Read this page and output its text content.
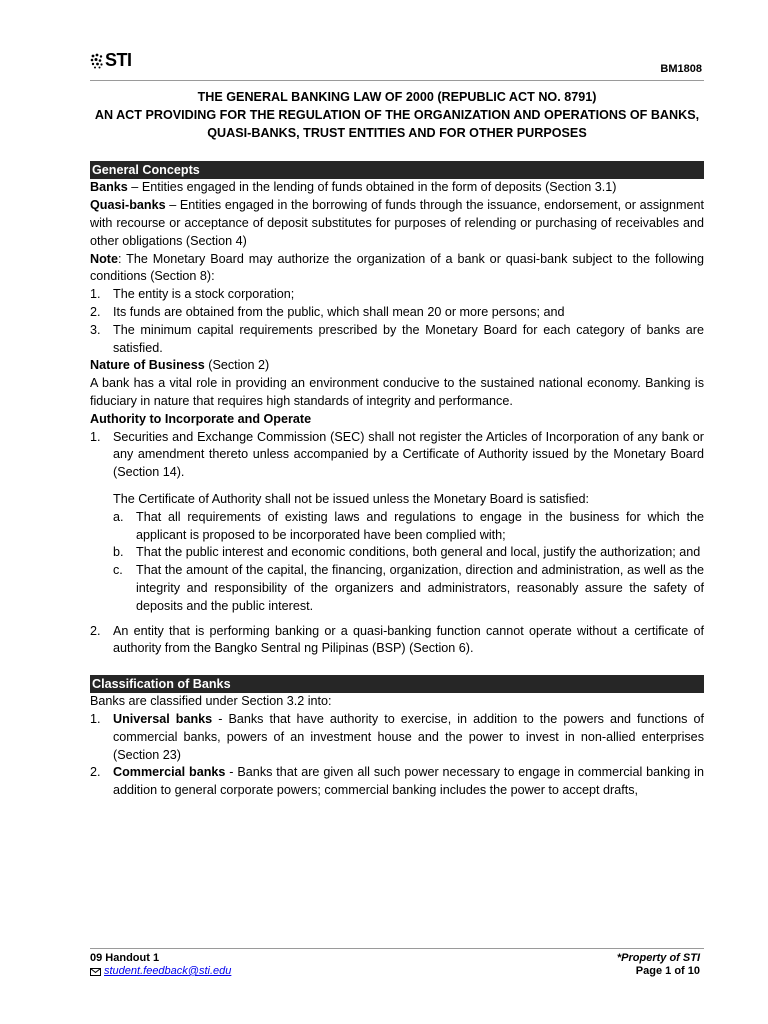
STI	BM1808

THE GENERAL BANKING LAW OF 2000 (REPUBLIC ACT NO. 8791)

AN ACT PROVIDING FOR THE REGULATION OF THE ORGANIZATION AND OPERATIONS OF BANKS, QUASI-BANKS, TRUST ENTITIES AND FOR OTHER PURPOSES

General Concepts

Banks – Entities engaged in the lending of funds obtained in the form of deposits (Section 3.1)

Quasi-banks – Entities engaged in the borrowing of funds through the issuance, endorsement, or assignment with recourse or acceptance of deposit substitutes for purposes of relending or purchasing of receivables and other obligations (Section 4)

Note: The Monetary Board may authorize the organization of a bank or quasi-bank subject to the following conditions (Section 8):

1. The entity is a stock corporation;
2. Its funds are obtained from the public, which shall mean 20 or more persons; and
3. The minimum capital requirements prescribed by the Monetary Board for each category of banks are satisfied.

Nature of Business (Section 2)

A bank has a vital role in providing an environment conducive to the sustained national economy. Banking is fiduciary in nature that requires high standards of integrity and performance.

Authority to Incorporate and Operate

1. Securities and Exchange Commission (SEC) shall not register the Articles of Incorporation of any bank or any amendment thereto unless accompanied by a Certificate of Authority issued by the Monetary Board (Section 14).

The Certificate of Authority shall not be issued unless the Monetary Board is satisfied:

a. That all requirements of existing laws and regulations to engage in the business for which the applicant is proposed to be incorporated have been complied with;
b. That the public interest and economic conditions, both general and local, justify the authorization; and
c. That the amount of the capital, the financing, organization, direction and administration, as well as the integrity and responsibility of the organizers and administrators, reasonably assure the safety of deposits and the public interest.
2. An entity that is performing banking or a quasi-banking function cannot operate without a certificate of authority from the Bangko Sentral ng Pilipinas (BSP) (Section 6).
Classification of Banks

Banks are classified under Section 3.2 into:

1. Universal banks - Banks that have authority to exercise, in addition to the powers and functions of commercial banks, powers of an investment house and the power to invest in non-allied enterprises (Section 23)
2. Commercial banks - Banks that are given all such power necessary to engage in commercial banking in addition to general corporate powers; commercial banking includes the power to accept drafts,
09 Handout 1
student.feedback@sti.edu
*Property of STI
Page 1 of 10
